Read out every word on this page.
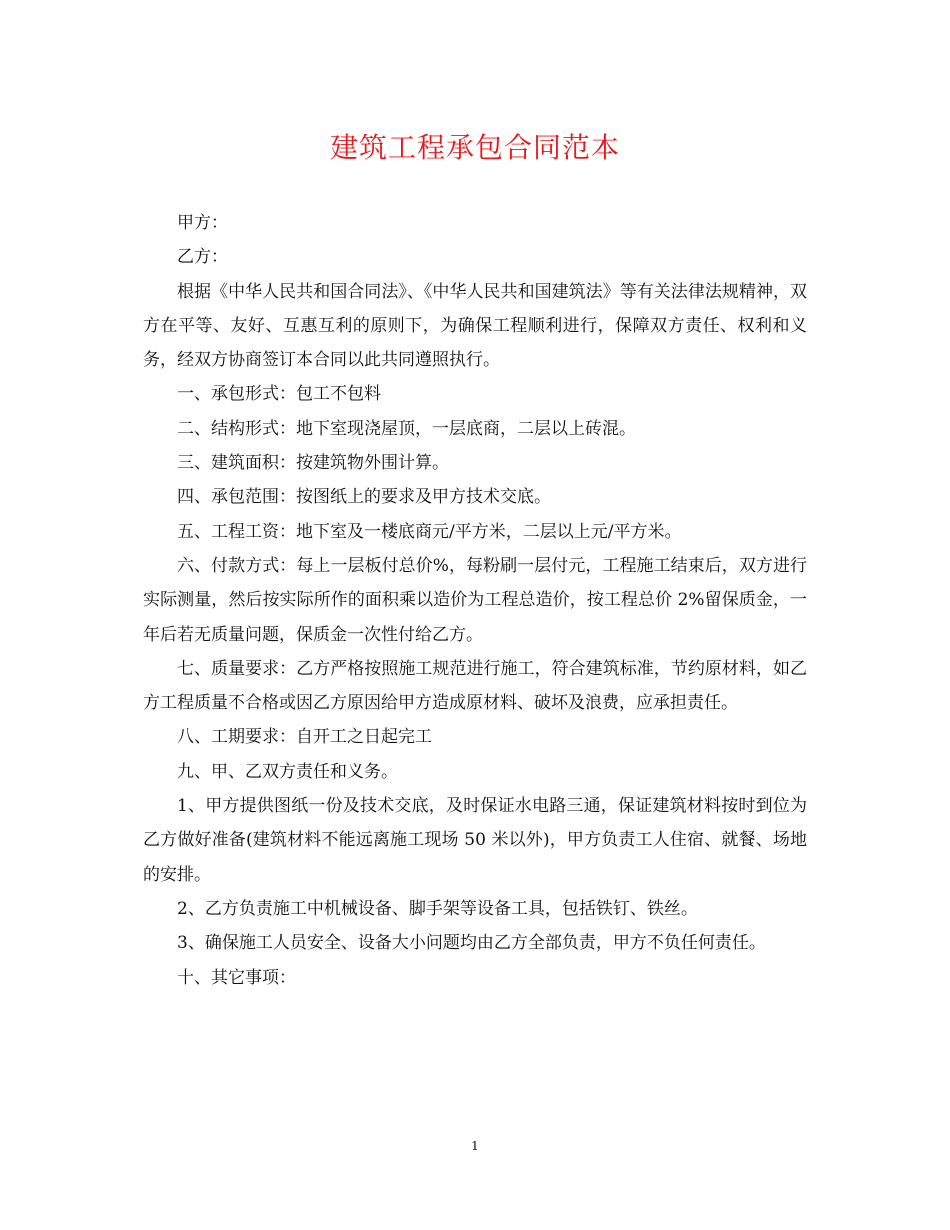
建筑工程承包合同范本

甲方：

乙方：

根据《中华人民共和国合同法》、《中华人民共和国建筑法》等有关法律法规精神，双方在平等、友好、互惠互利的原则下，为确保工程顺利进行，保障双方责任、权利和义务，经双方协商签订本合同以此共同遵照执行。

一、承包形式：包工不包料

二、结构形式：地下室现浇屋顶，一层底商，二层以上砖混。

三、建筑面积：按建筑物外围计算。

四、承包范围：按图纸上的要求及甲方技术交底。

五、工程工资：地下室及一楼底商元/平方米，二层以上元/平方米。

六、付款方式：每上一层板付总价%，每粉刷一层付元，工程施工结束后，双方进行实际测量，然后按实际所作的面积乘以造价为工程总造价，按工程总价 2%留保质金，一年后若无质量问题，保质金一次性付给乙方。

七、质量要求：乙方严格按照施工规范进行施工，符合建筑标准，节约原材料，如乙方工程质量不合格或因乙方原因给甲方造成原材料、破坏及浪费，应承担责任。

八、工期要求：自开工之日起完工

九、甲、乙双方责任和义务。

1、甲方提供图纸一份及技术交底，及时保证水电路三通，保证建筑材料按时到位为乙方做好准备(建筑材料不能远离施工现场 50 米以外)，甲方负责工人住宿、就餐、场地的安排。

2、乙方负责施工中机械设备、脚手架等设备工具，包括铁钉、铁丝。

3、确保施工人员安全、设备大小问题均由乙方全部负责，甲方不负任何责任。

十、其它事项：

1
